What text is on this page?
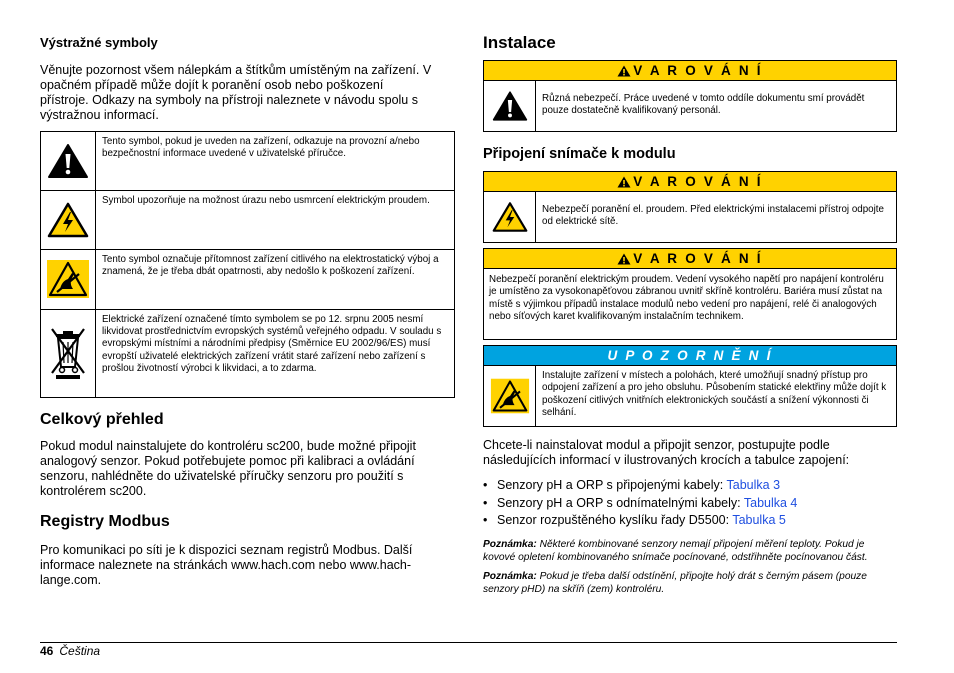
Výstražné symboly

Věnujte pozornost všem nálepkám a štítkům umístěným na zařízení. V opačném případě může dojít k poranění osob nebo poškození přístroje. Odkazy na symboly na přístroji naleznete v návodu spolu s výstražnou informací.

	Tento symbol, pokud je uveden na zařízení, odkazuje na provozní a/nebo bezpečnostní informace uvedené v uživatelské příručce.

	Symbol upozorňuje na možnost úrazu nebo usmrcení elektrickým proudem.

	Tento symbol označuje přítomnost zařízení citlivého na elektrostatický výboj a znamená, že je třeba dbát opatrnosti, aby nedošlo k poškození zařízení.

	Elektrické zařízení označené tímto symbolem se po 12. srpnu 2005 nesmí likvidovat prostřednictvím evropských systémů veřejného odpadu. V souladu s evropskými místními a národními předpisy (Směrnice EU 2002/96/ES) musí evropští uživatelé elektrických zařízení vrátit staré zařízení nebo zařízení s prošlou životností výrobci k likvidaci, a to zdarma.
Celkový přehled

Pokud modul nainstalujete do kontroléru sc200, bude možné připojit analogový senzor. Pokud potřebujete pomoc při kalibraci a ovládání senzoru, nahlédněte do uživatelské příručky senzoru pro použití s kontrolérem sc200.

Registry Modbus

Pro komunikaci po síti je k dispozici seznam registrů Modbus. Další informace naleznete na stránkách www.hach.com nebo www.hach-lange.com.

Instalace
V A R O V Á N Í
Různá nebezpečí. Práce uvedené v tomto oddíle dokumentu smí provádět pouze dostatečně kvalifikovaný personál.
Připojení snímače k modulu
V A R O V Á N Í
Nebezpečí poranění el. proudem. Před elektrickými instalacemi přístroj odpojte od elektrické sítě.
V A R O V Á N Í
Nebezpečí poranění elektrickým proudem. Vedení vysokého napětí pro napájení kontroléru je umístěno za vysokonapěťovou zábranou uvnitř skříně kontroléru. Bariéra musí zůstat na místě s výjimkou případů instalace modulů nebo vedení pro napájení, relé či analogových nebo síťových karet kvalifikovaným instalačním technikem.
U P O Z O R N Ě N Í
Instalujte zařízení v místech a polohách, které umožňují snadný přístup pro odpojení zařízení a pro jeho obsluhu. Působením statické elektřiny může dojít k poškození citlivých vnitřních elektronických součástí a snížení výkonnosti či selhání.

Chcete-li nainstalovat modul a připojit senzor, postupujte podle následujících informací v ilustrovaných krocích a tabulce zapojení:

• Senzory pH a ORP s připojenými kabely: Tabulka 3
• Senzory pH a ORP s odnímatelnými kabely: Tabulka 4
• Senzor rozpuštěného kyslíku řady D5500: Tabulka 5

Poznámka: Některé kombinované senzory nemají připojení měření teploty. Pokud je kovové opletení kombinovaného snímače pocínované, odstřihněte pocínovanou část.

Poznámka: Pokud je třeba další odstínění, připojte holý drát s černým pásem (pouze senzory pHD) na skříň (zem) kontroléru.

46 Čeština
